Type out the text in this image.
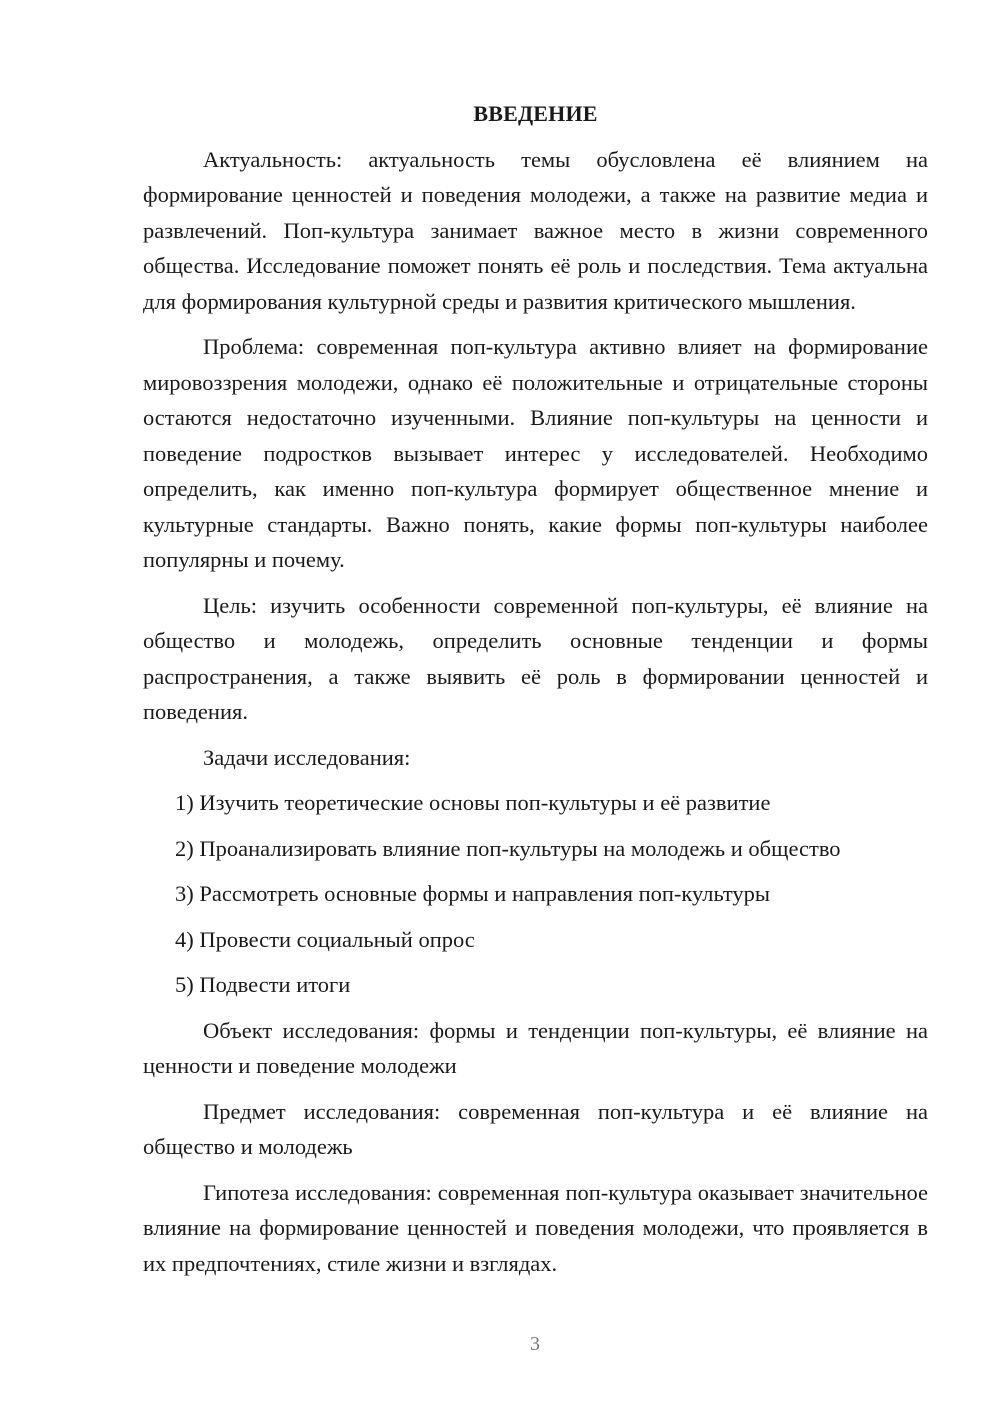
ВВЕДЕНИЕ

Актуальность: актуальность темы обусловлена её влиянием на формирование ценностей и поведения молодежи, а также на развитие медиа и развлечений. Поп-культура занимает важное место в жизни современного общества. Исследование поможет понять её роль и последствия. Тема актуальна для формирования культурной среды и развития критического мышления.

Проблема: современная поп-культура активно влияет на формирование мировоззрения молодежи, однако её положительные и отрицательные стороны остаются недостаточно изученными. Влияние поп-культуры на ценности и поведение подростков вызывает интерес у исследователей. Необходимо определить, как именно поп-культура формирует общественное мнение и культурные стандарты. Важно понять, какие формы поп-культуры наиболее популярны и почему.

Цель: изучить особенности современной поп-культуры, её влияние на общество и молодежь, определить основные тенденции и формы распространения, а также выявить её роль в формировании ценностей и поведения.

Задачи исследования:

1) Изучить теоретические основы поп-культуры и её развитие
2) Проанализировать влияние поп-культуры на молодежь и общество
3) Рассмотреть основные формы и направления поп-культуры
4) Провести социальный опрос
5) Подвести итоги

Объект исследования: формы и тенденции поп-культуры, её влияние на ценности и поведение молодежи

Предмет исследования: современная поп-культура и её влияние на общество и молодежь

Гипотеза исследования: современная поп-культура оказывает значительное влияние на формирование ценностей и поведения молодежи, что проявляется в их предпочтениях, стиле жизни и взглядах.

3
